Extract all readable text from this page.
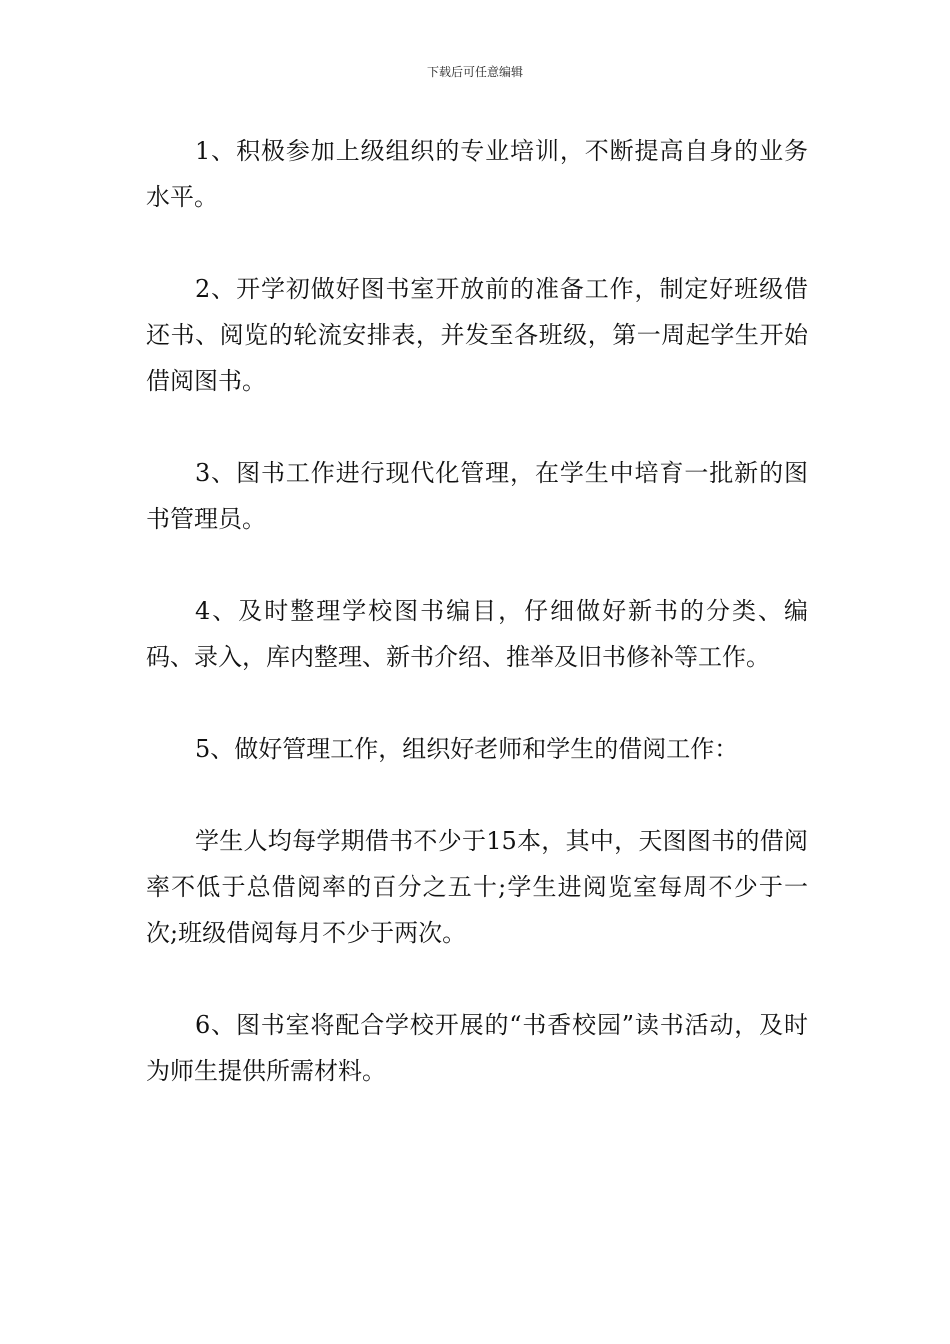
下载后可任意编辑

1、积极参加上级组织的专业培训，不断提高自身的业务水平。

2、开学初做好图书室开放前的准备工作，制定好班级借还书、阅览的轮流安排表，并发至各班级，第一周起学生开始借阅图书。

3、图书工作进行现代化管理，在学生中培育一批新的图书管理员。

4、及时整理学校图书编目，仔细做好新书的分类、编码、录入，库内整理、新书介绍、推举及旧书修补等工作。

5、做好管理工作，组织好老师和学生的借阅工作：

学生人均每学期借书不少于15本，其中，天图图书的借阅率不低于总借阅率的百分之五十;学生进阅览室每周不少于一次;班级借阅每月不少于两次。

6、图书室将配合学校开展的“书香校园”读书活动，及时为师生提供所需材料。
